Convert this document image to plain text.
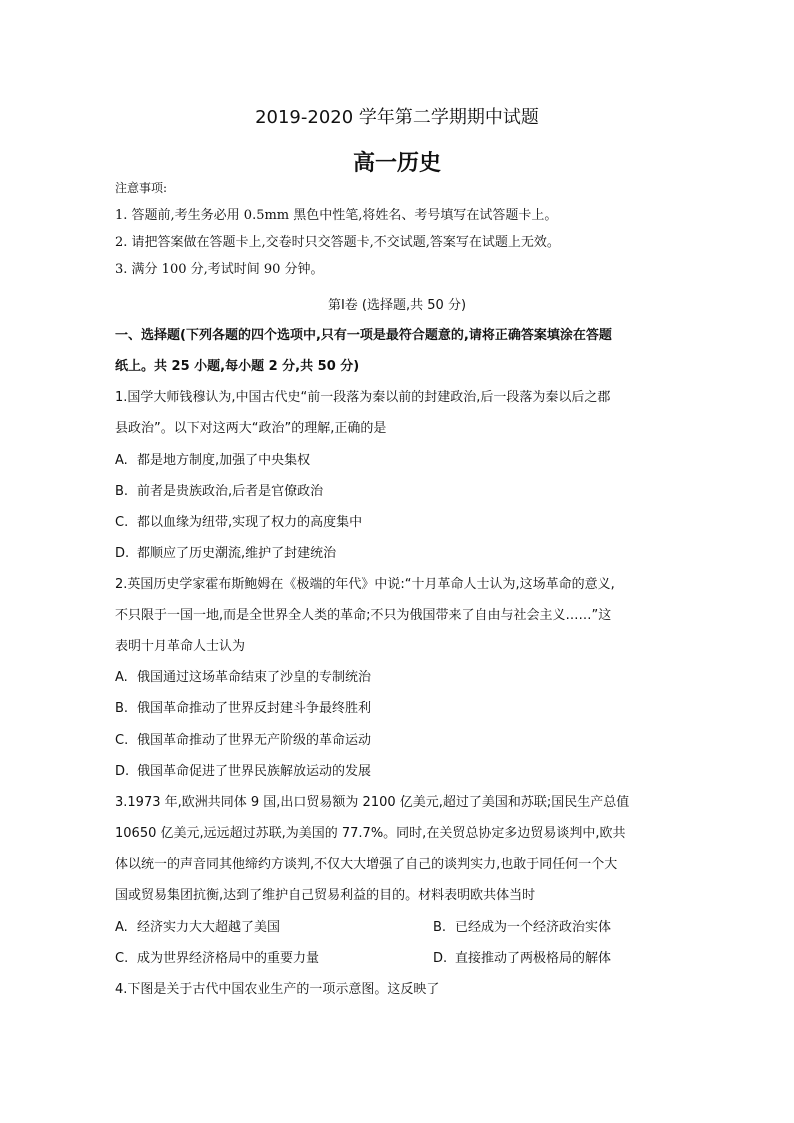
2019-2020 学年第二学期期中试题
高一历史
注意事项:
1. 答题前,考生务必用 0.5mm 黑色中性笔,将姓名、考号填写在试答题卡上。
2. 请把答案做在答题卡上,交卷时只交答题卡,不交试题,答案写在试题上无效。
3. 满分 100 分,考试时间 90 分钟。
第Ⅰ卷 (选择题,共 50 分)
一、选择题(下列各题的四个选项中,只有一项是最符合题意的,请将正确答案填涂在答题
纸上。共 25 小题,每小题 2 分,共 50 分)
1.国学大师钱穆认为,中国古代史“前一段落为秦以前的封建政治,后一段落为秦以后之郡
县政治”。以下对这两大“政治”的理解,正确的是
A. 都是地方制度,加强了中央集权
B. 前者是贵族政治,后者是官僚政治
C. 都以血缘为纽带,实现了权力的高度集中
D. 都顺应了历史潮流,维护了封建统治
2.英国历史学家霍布斯鲍姆在《极端的年代》中说:“十月革命人士认为,这场革命的意义,
不只限于一国一地,而是全世界全人类的革命;不只为俄国带来了自由与社会主义……”这
表明十月革命人士认为
A. 俄国通过这场革命结束了沙皇的专制统治
B. 俄国革命推动了世界反封建斗争最终胜利
C. 俄国革命推动了世界无产阶级的革命运动
D. 俄国革命促进了世界民族解放运动的发展
3.1973 年,欧洲共同体 9 国,出口贸易额为 2100 亿美元,超过了美国和苏联;国民生产总值
10650 亿美元,远远超过苏联,为美国的 77.7%。同时,在关贸总协定多边贸易谈判中,欧共
体以统一的声音同其他缔约方谈判,不仅大大增强了自己的谈判实力,也敢于同任何一个大
国或贸易集团抗衡,达到了维护自己贸易利益的目的。材料表明欧共体当时
A. 经济实力大大超越了美国	B. 已经成为一个经济政治实体
C. 成为世界经济格局中的重要力量	D. 直接推动了两极格局的解体
4.下图是关于古代中国农业生产的一项示意图。这反映了
